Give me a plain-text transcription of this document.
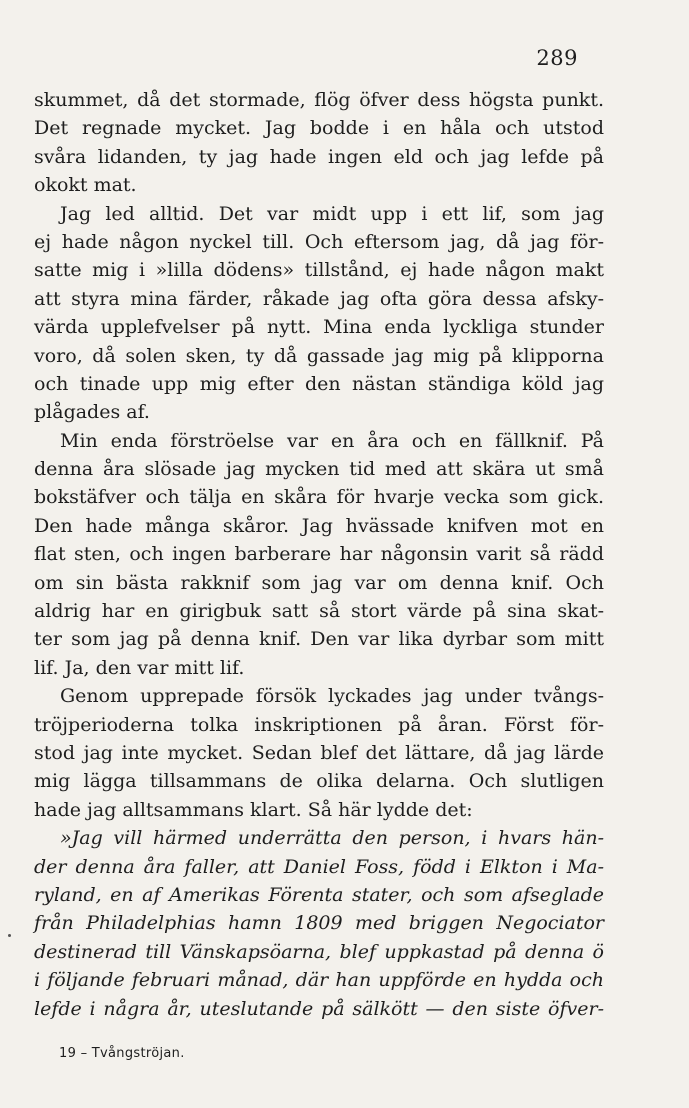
289
skummet, då det stormade, flög öfver dess högsta punkt.
Det regnade mycket. Jag bodde i en håla och utstod
svåra lidanden, ty jag hade ingen eld och jag lefde på
okokt mat.
Jag led alltid. Det var midt upp i ett lif, som jag
ej hade någon nyckel till. Och eftersom jag, då jag för-
satte mig i »lilla dödens» tillstånd, ej hade någon makt
att styra mina färder, råkade jag ofta göra dessa afsky-
värda upplefvelser på nytt. Mina enda lyckliga stunder
voro, då solen sken, ty då gassade jag mig på klipporna
och tinade upp mig efter den nästan ständiga köld jag
plågades af.
Min enda förströelse var en åra och en fällknif. På
denna åra slösade jag mycken tid med att skära ut små
bokstäfver och tälja en skåra för hvarje vecka som gick.
Den hade många skåror. Jag hvässade knifven mot en
flat sten, och ingen barberare har någonsin varit så rädd
om sin bästa rakknif som jag var om denna knif. Och
aldrig har en girigbuk satt så stort värde på sina skat-
ter som jag på denna knif. Den var lika dyrbar som mitt
lif. Ja, den var mitt lif.
Genom upprepade försök lyckades jag under tvångs-
tröjperioderna tolka inskriptionen på åran. Först för-
stod jag inte mycket. Sedan blef det lättare, då jag lärde
mig lägga tillsammans de olika delarna. Och slutligen
hade jag alltsammans klart. Så här lydde det:
»Jag vill härmed underrätta den person, i hvars hän-
der denna åra faller, att Daniel Foss, född i Elkton i Ma-
ryland, en af Amerikas Förenta stater, och som afseglade
från Philadelphias hamn 1809 med briggen Negociator
destinerad till Vänskapsöarna, blef uppkastad på denna ö
i följande februari månad, där han uppförde en hydda och
lefde i några år, uteslutande på sälkött — den siste öfver-
19 – Tvångströjan.
